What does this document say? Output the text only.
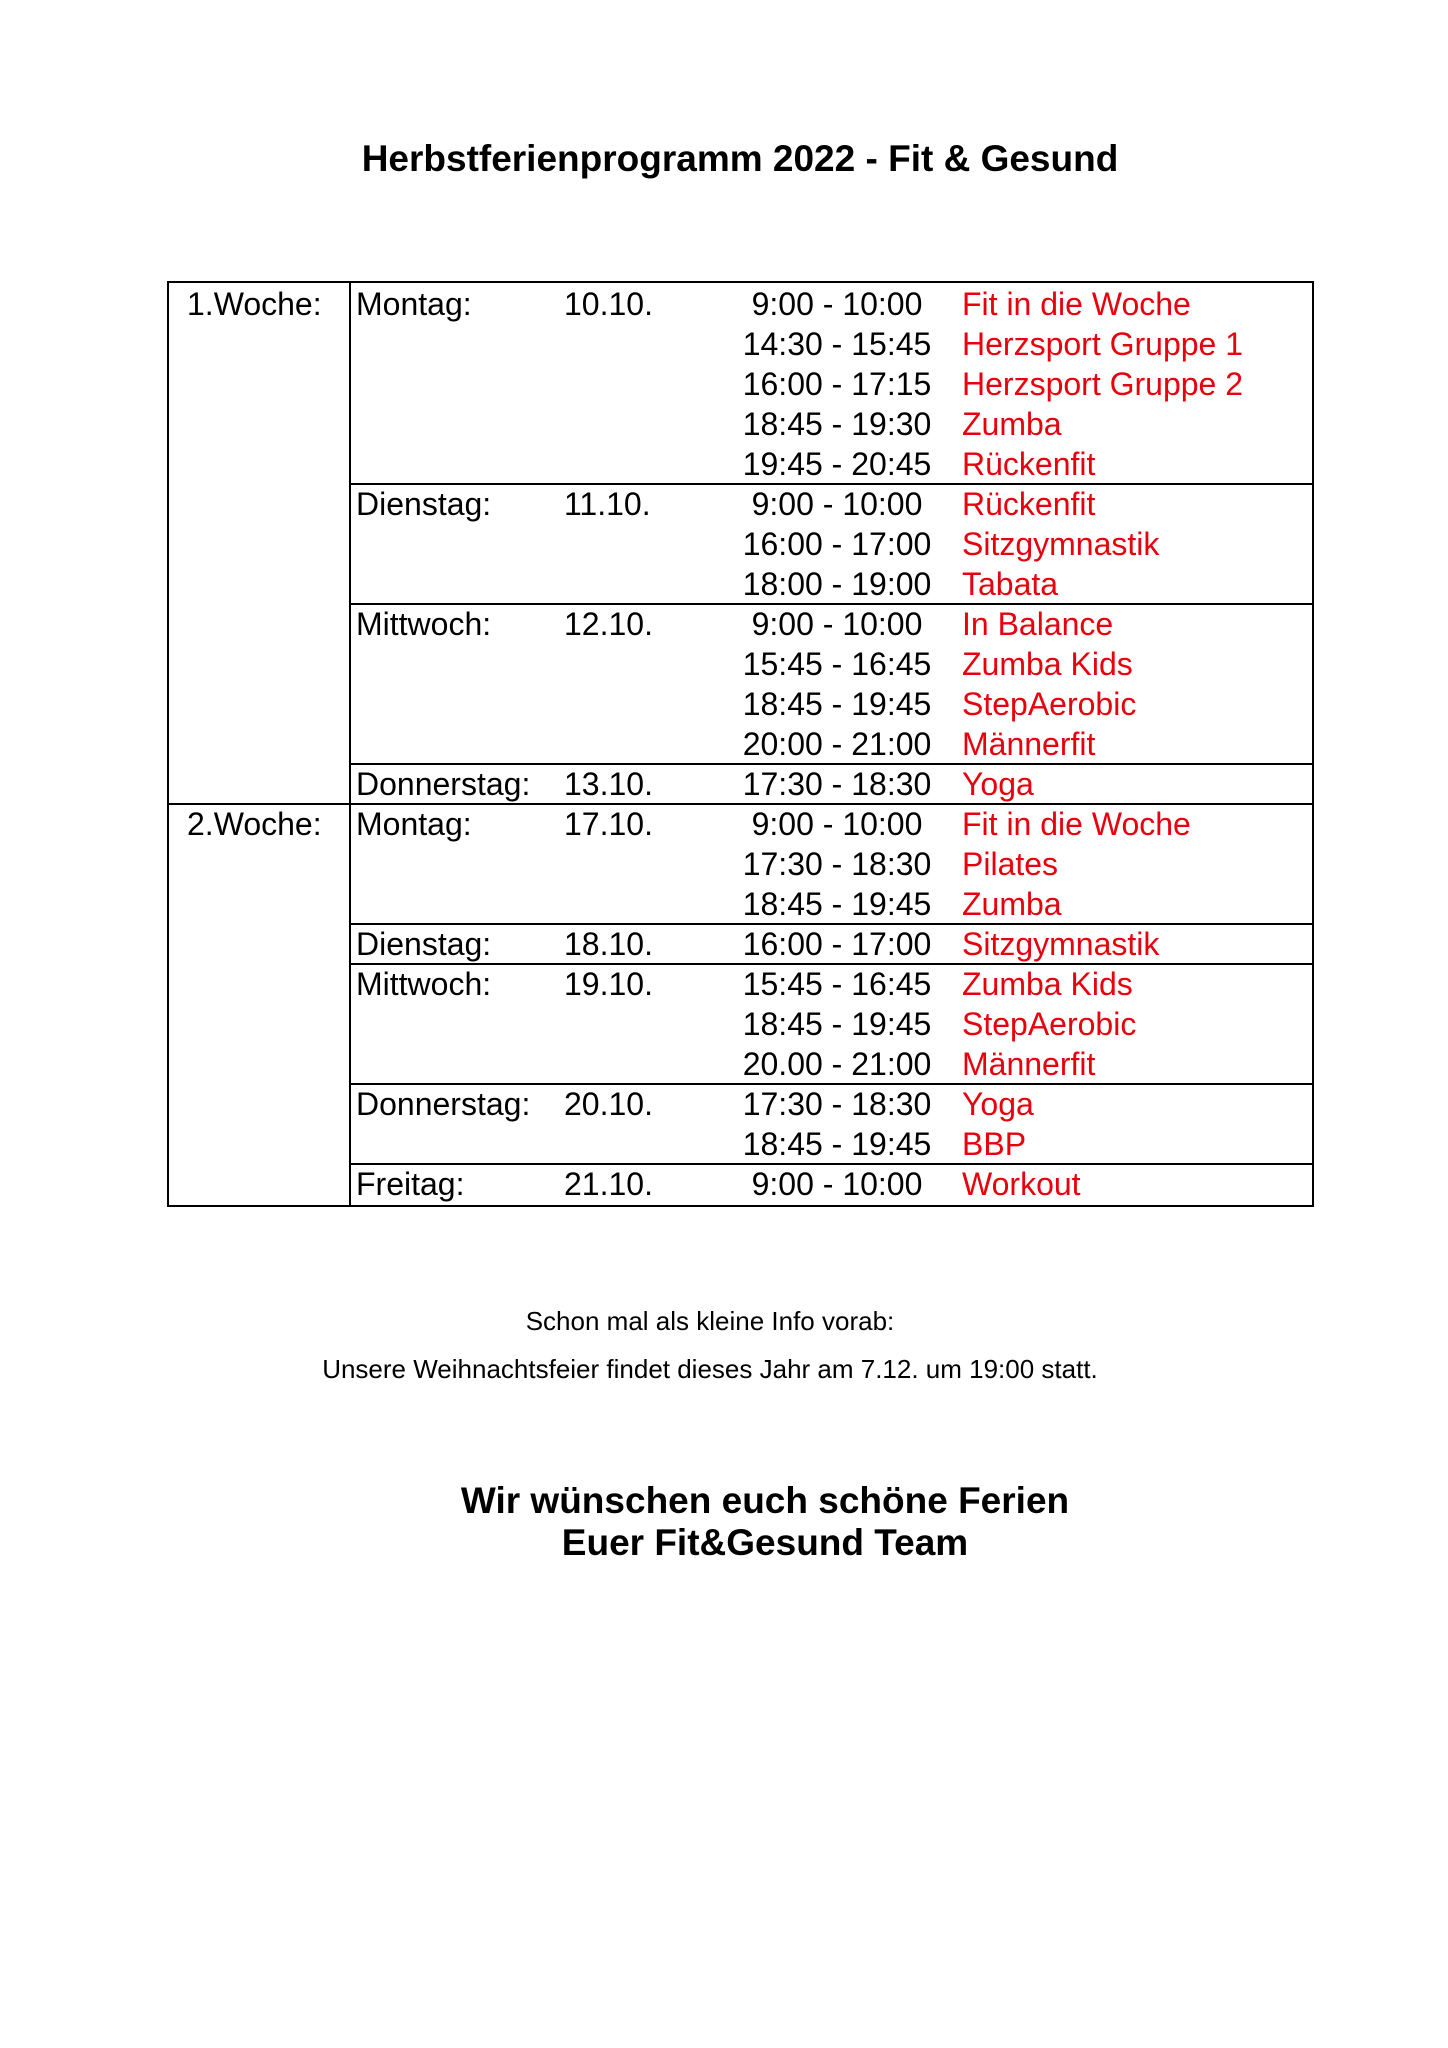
Herbstferienprogramm 2022 - Fit & Gesund
1.Woche: Montag:	10.10.	9:00 - 10:00	Fit in die Woche
14:30 - 15:45 Herzsport Gruppe 1
16:00 - 17:15 Herzsport Gruppe 2
18:45 - 19:30 Zumba
19:45 - 20:45 Rückenfit
Dienstag: 11.10.	9:00 - 10:00	Rückenfit
16:00 - 17:00 Sitzgymnastik
18:00 - 19:00 Tabata
Mittwoch: 12.10.	9:00 - 10:00	In Balance
15:45 - 16:45 Zumba Kids
18:45 - 19:45 StepAerobic
20:00 - 21:00 Männerfit
Donnerstag: 13.10.	17:30 - 18:30 Yoga
2.Woche: Montag:	17.10.	9:00 - 10:00	Fit in die Woche
17:30 - 18:30 Pilates
18:45 - 19:45 Zumba
Dienstag: 18.10.	16:00 - 17:00 Sitzgymnastik
Mittwoch: 19.10.	15:45 - 16:45 Zumba Kids
18:45 - 19:45 StepAerobic
20.00 - 21:00 Männerfit
Donnerstag: 20.10.	17:30 - 18:30 Yoga
18:45 - 19:45 BBP
Freitag:	21.10.	9:00 - 10:00	Workout
Schon mal als kleine Info vorab:
Unsere Weihnachtsfeier findet dieses Jahr am 7.12. um 19:00 statt.
Wir wünschen euch schöne Ferien
Euer Fit&Gesund Team
